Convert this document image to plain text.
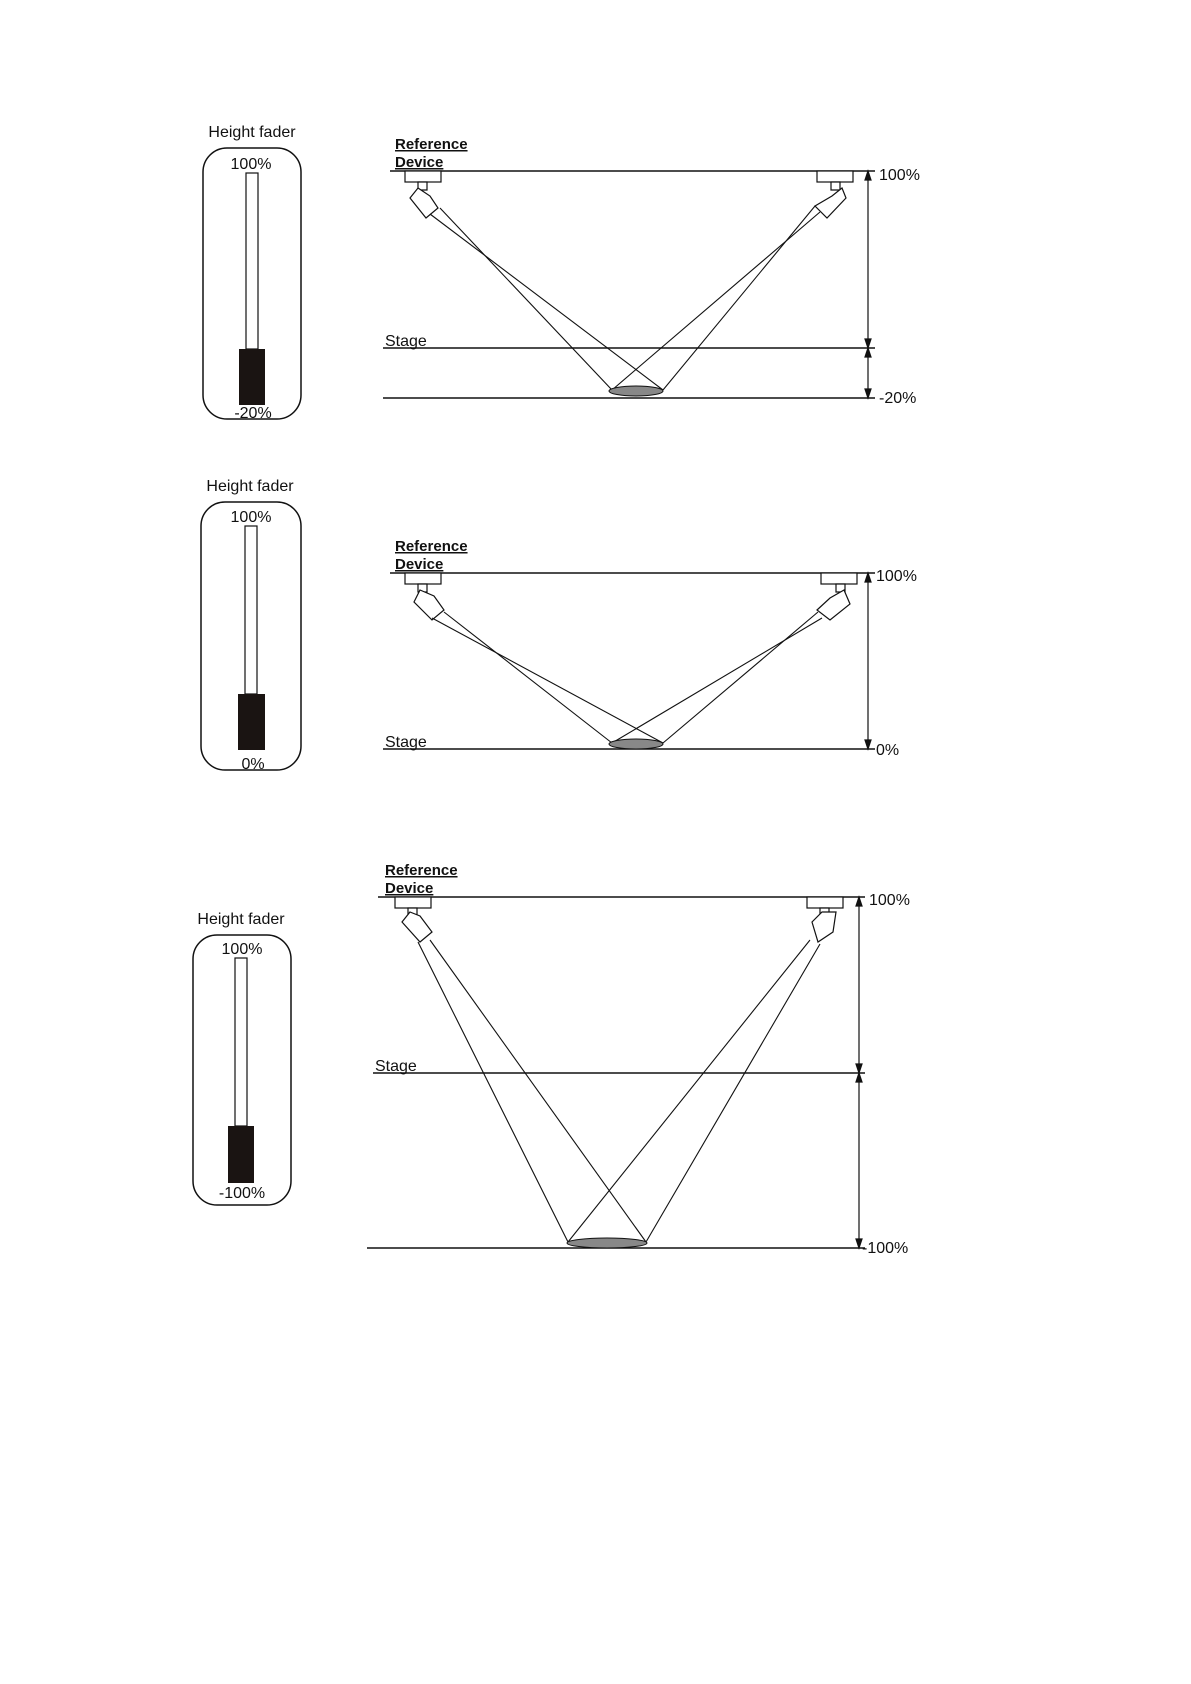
Height fader
100%
-20%
Reference
Device
Stage
100%
-20%
Height fader
100%
0%
Reference
Device
Stage
100%
0%
Height fader
100%
-100%
Reference
Device
Stage
100%
-100%
